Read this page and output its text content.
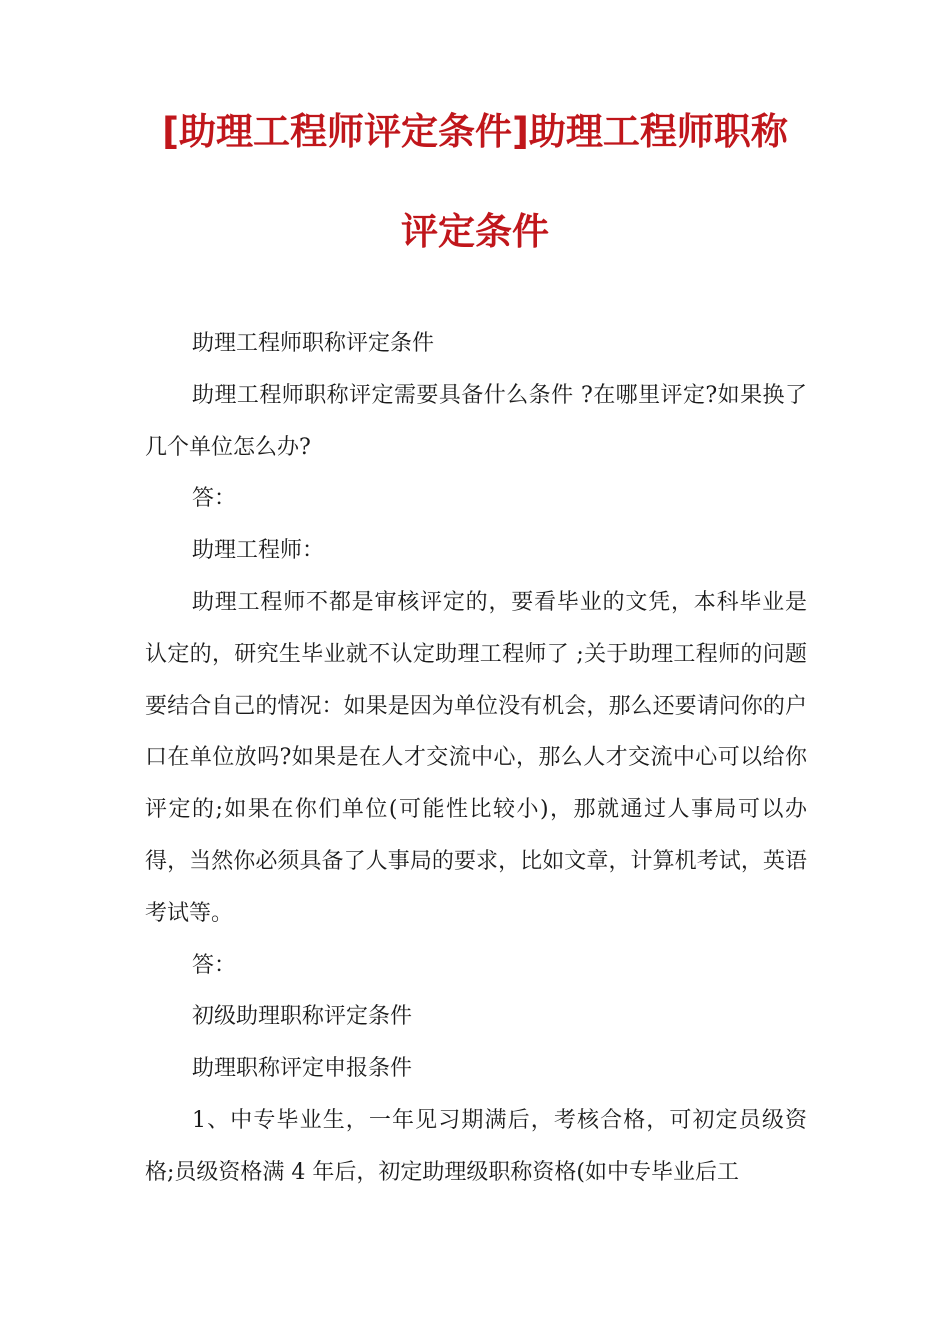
[助理工程师评定条件]助理工程师职称
评定条件

助理工程师职称评定条件

助理工程师职称评定需要具备什么条件 ?在哪里评定?如果换了几个单位怎么办?

答：

助理工程师：

助理工程师不都是审核评定的，要看毕业的文凭，本科毕业是认定的，研究生毕业就不认定助理工程师了 ;关于助理工程师的问题要结合自己的情况：如果是因为单位没有机会，那么还要请问你的户口在单位放吗?如果是在人才交流中心，那么人才交流中心可以给你评定的;如果在你们单位(可能性比较小)，那就通过人事局可以办得，当然你必须具备了人事局的要求，比如文章，计算机考试，英语考试等。

答：

初级助理职称评定条件

助理职称评定申报条件

1、中专毕业生，一年见习期满后，考核合格，可初定员级资格;员级资格满 4 年后，初定助理级职称资格(如中专毕业后工
